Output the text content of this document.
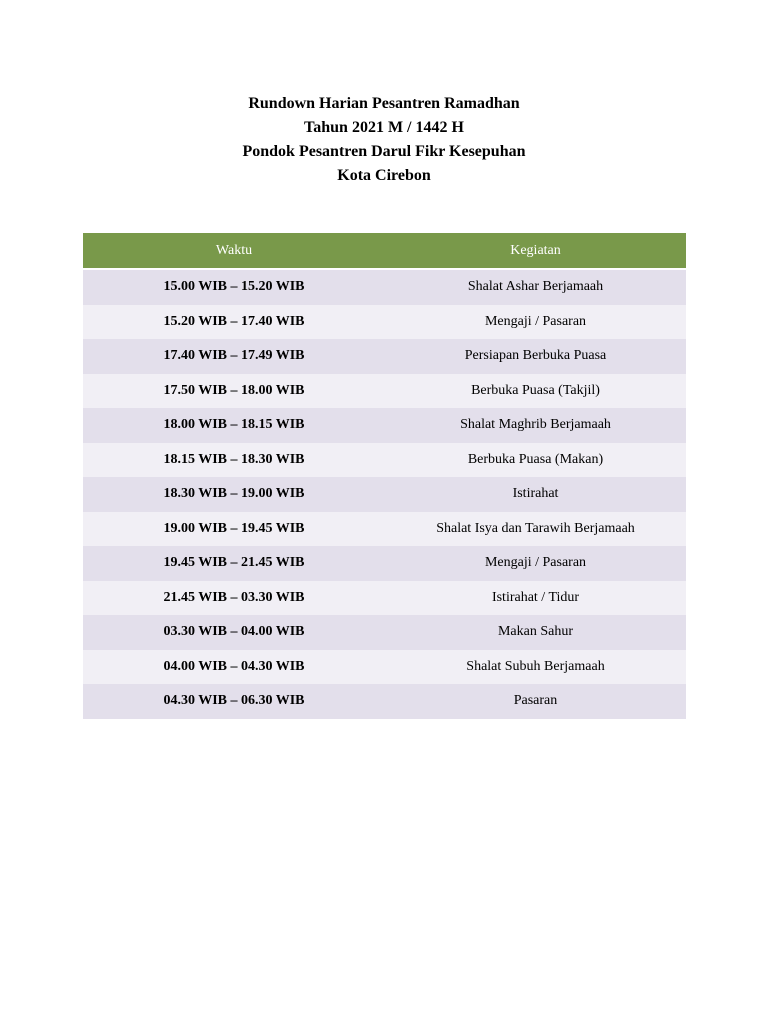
Rundown Harian Pesantren Ramadhan
Tahun 2021 M / 1442 H
Pondok Pesantren Darul Fikr Kesepuhan
Kota Cirebon
Waktu	Kegiatan
15.00 WIB – 15.20 WIB	Shalat Ashar Berjamaah
15.20 WIB – 17.40 WIB	Mengaji / Pasaran
17.40 WIB – 17.49 WIB	Persiapan Berbuka Puasa
17.50 WIB – 18.00 WIB	Berbuka Puasa (Takjil)
18.00 WIB – 18.15 WIB	Shalat Maghrib Berjamaah
18.15 WIB – 18.30 WIB	Berbuka Puasa (Makan)
18.30 WIB – 19.00 WIB	Istirahat
19.00 WIB – 19.45 WIB	Shalat Isya dan Tarawih Berjamaah
19.45 WIB – 21.45 WIB	Mengaji / Pasaran
21.45 WIB – 03.30 WIB	Istirahat / Tidur
03.30 WIB – 04.00 WIB	Makan Sahur
04.00 WIB – 04.30 WIB	Shalat Subuh Berjamaah
04.30 WIB – 06.30 WIB	Pasaran
